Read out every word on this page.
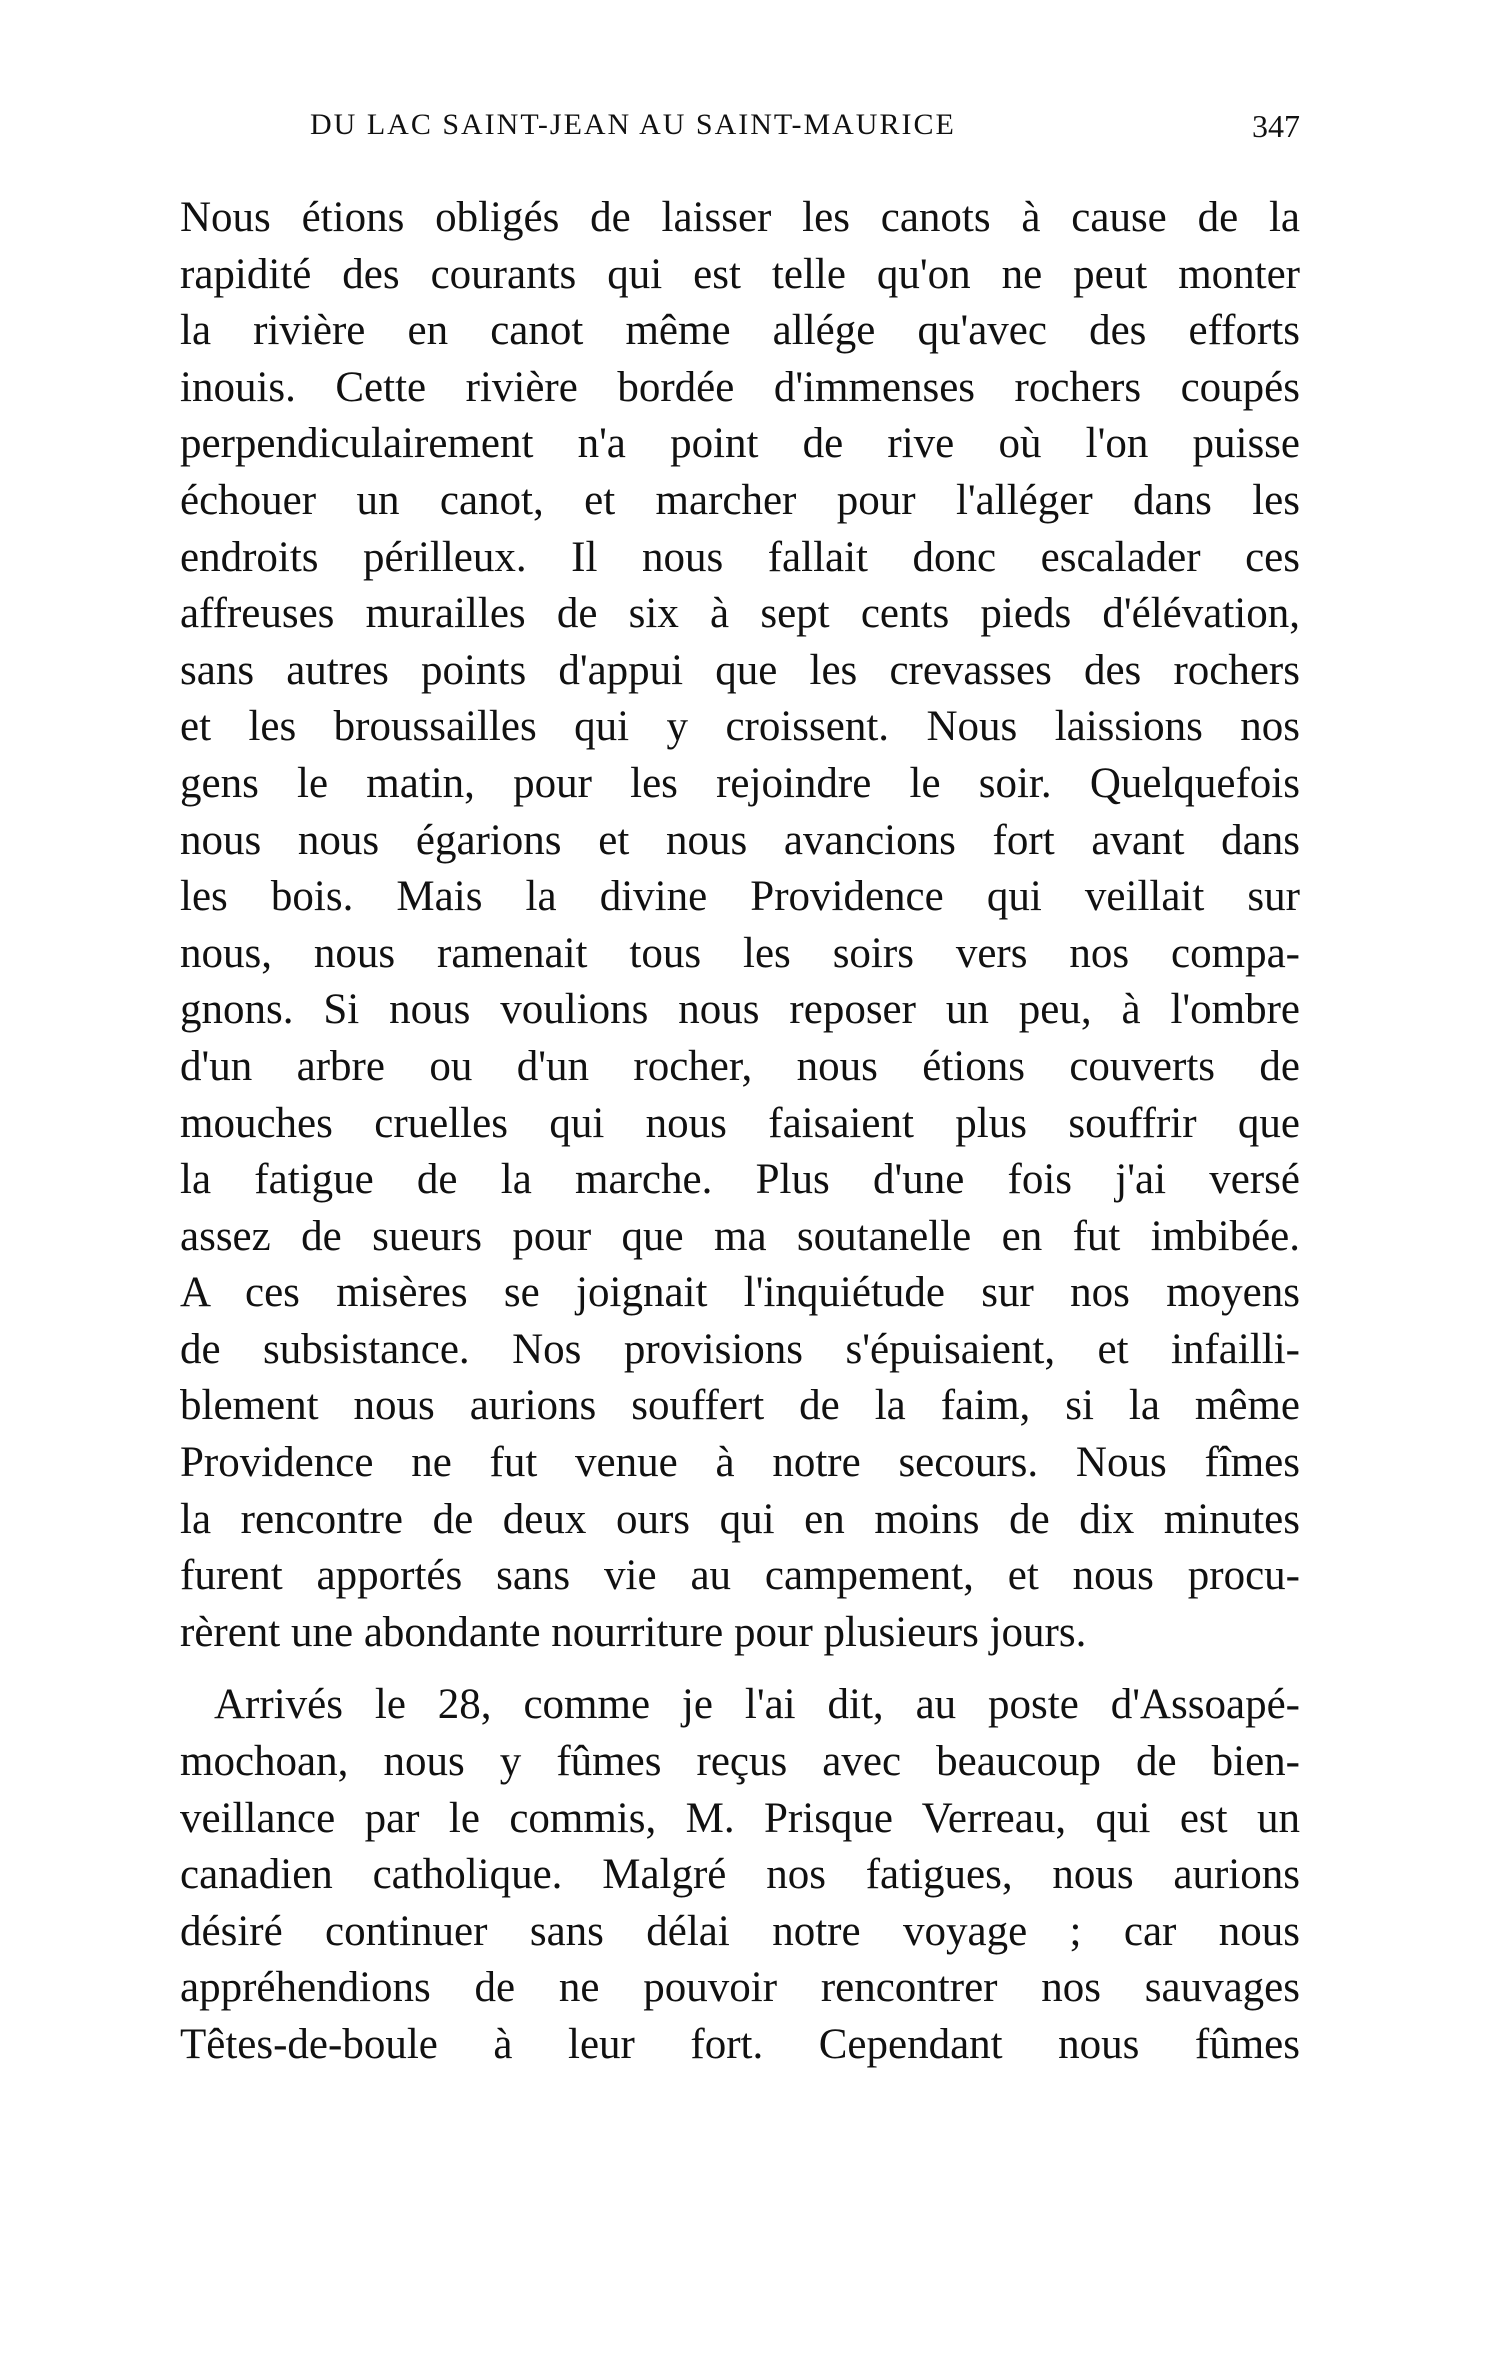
DU LAC SAINT-JEAN AU SAINT-MAURICE	347
Nous étions obligés de laisser les canots à cause de la
rapidité des courants qui est telle qu'on ne peut monter
la rivière en canot même allége qu'avec des efforts
inouis. Cette rivière bordée d'immenses rochers coupés
perpendiculairement n'a point de rive où l'on puisse
échouer un canot, et marcher pour l'alléger dans les
endroits périlleux. Il nous fallait donc escalader ces
affreuses murailles de six à sept cents pieds d'élévation,
sans autres points d'appui que les crevasses des rochers
et les broussailles qui y croissent. Nous laissions nos
gens le matin, pour les rejoindre le soir. Quelquefois
nous nous égarions et nous avancions fort avant dans
les bois. Mais la divine Providence qui veillait sur
nous, nous ramenait tous les soirs vers nos compa-
gnons. Si nous voulions nous reposer un peu, à l'ombre
d'un arbre ou d'un rocher, nous étions couverts de
mouches cruelles qui nous faisaient plus souffrir que
la fatigue de la marche. Plus d'une fois j'ai versé
assez de sueurs pour que ma soutanelle en fut imbibée.
A ces misères se joignait l'inquiétude sur nos moyens
de subsistance. Nos provisions s'épuisaient, et infailli-
blement nous aurions souffert de la faim, si la même
Providence ne fut venue à notre secours. Nous fîmes
la rencontre de deux ours qui en moins de dix minutes
furent apportés sans vie au campement, et nous procu-
rèrent une abondante nourriture pour plusieurs jours.
Arrivés le 28, comme je l'ai dit, au poste d'Assoapé-
mochoan, nous y fûmes reçus avec beaucoup de bien-
veillance par le commis, M. Prisque Verreau, qui est un
canadien catholique. Malgré nos fatigues, nous aurions
désiré continuer sans délai notre voyage ; car nous
appréhendions de ne pouvoir rencontrer nos sauvages
Têtes-de-boule à leur fort. Cependant nous fûmes
